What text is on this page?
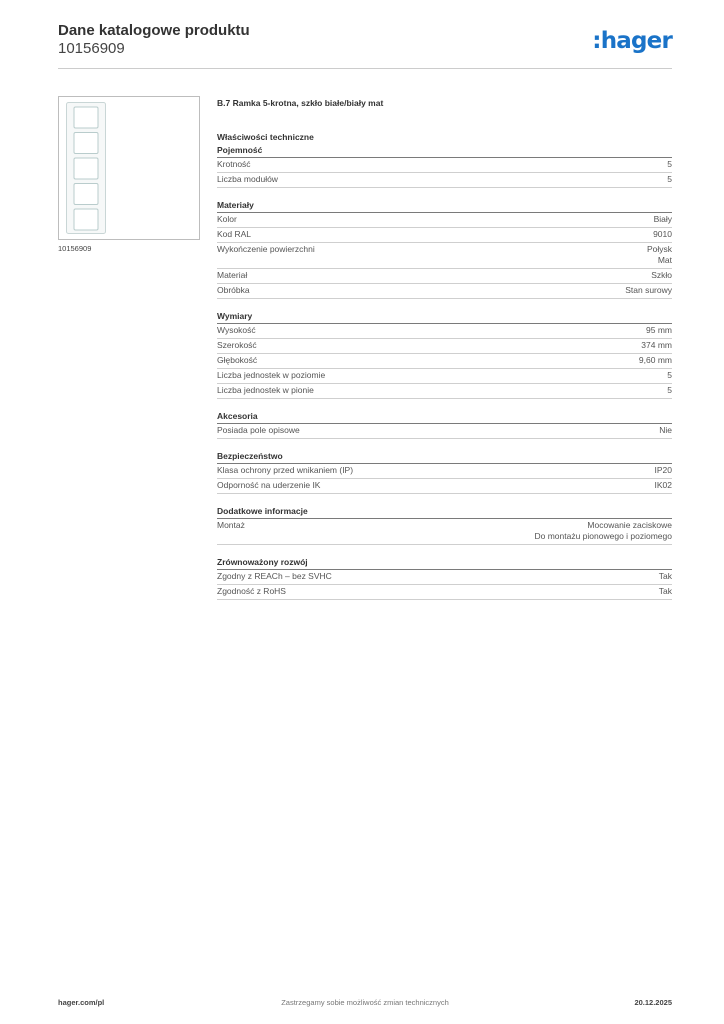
Dane katalogowe produktu
10156909	:hager
10156909
B.7 Ramka 5-krotna, szkło białe/biały mat
Właściwości techniczne
Pojemność
Krotność	5
Liczba modułów	5
Materiały
Kolor	Biały
Kod RAL	9010
Wykończenie powierzchni	Połysk
Mat
Materiał	Szkło
Obróbka	Stan surowy
Wymiary
Wysokość	95 mm
Szerokość	374 mm
Głębokość	9,60 mm
Liczba jednostek w poziomie	5
Liczba jednostek w pionie	5
Akcesoria
Posiada pole opisowe	Nie
Bezpieczeństwo
Klasa ochrony przed wnikaniem (IP)	IP20
Odporność na uderzenie IK	IK02
Dodatkowe informacje
Montaż	Mocowanie zaciskowe
Do montażu pionowego i poziomego
Zrównoważony rozwój
Zgodny z REACh – bez SVHC	Tak
Zgodność z RoHS	Tak
hager.com/pl	Zastrzegamy sobie możliwość zmian technicznych	20.12.2025
